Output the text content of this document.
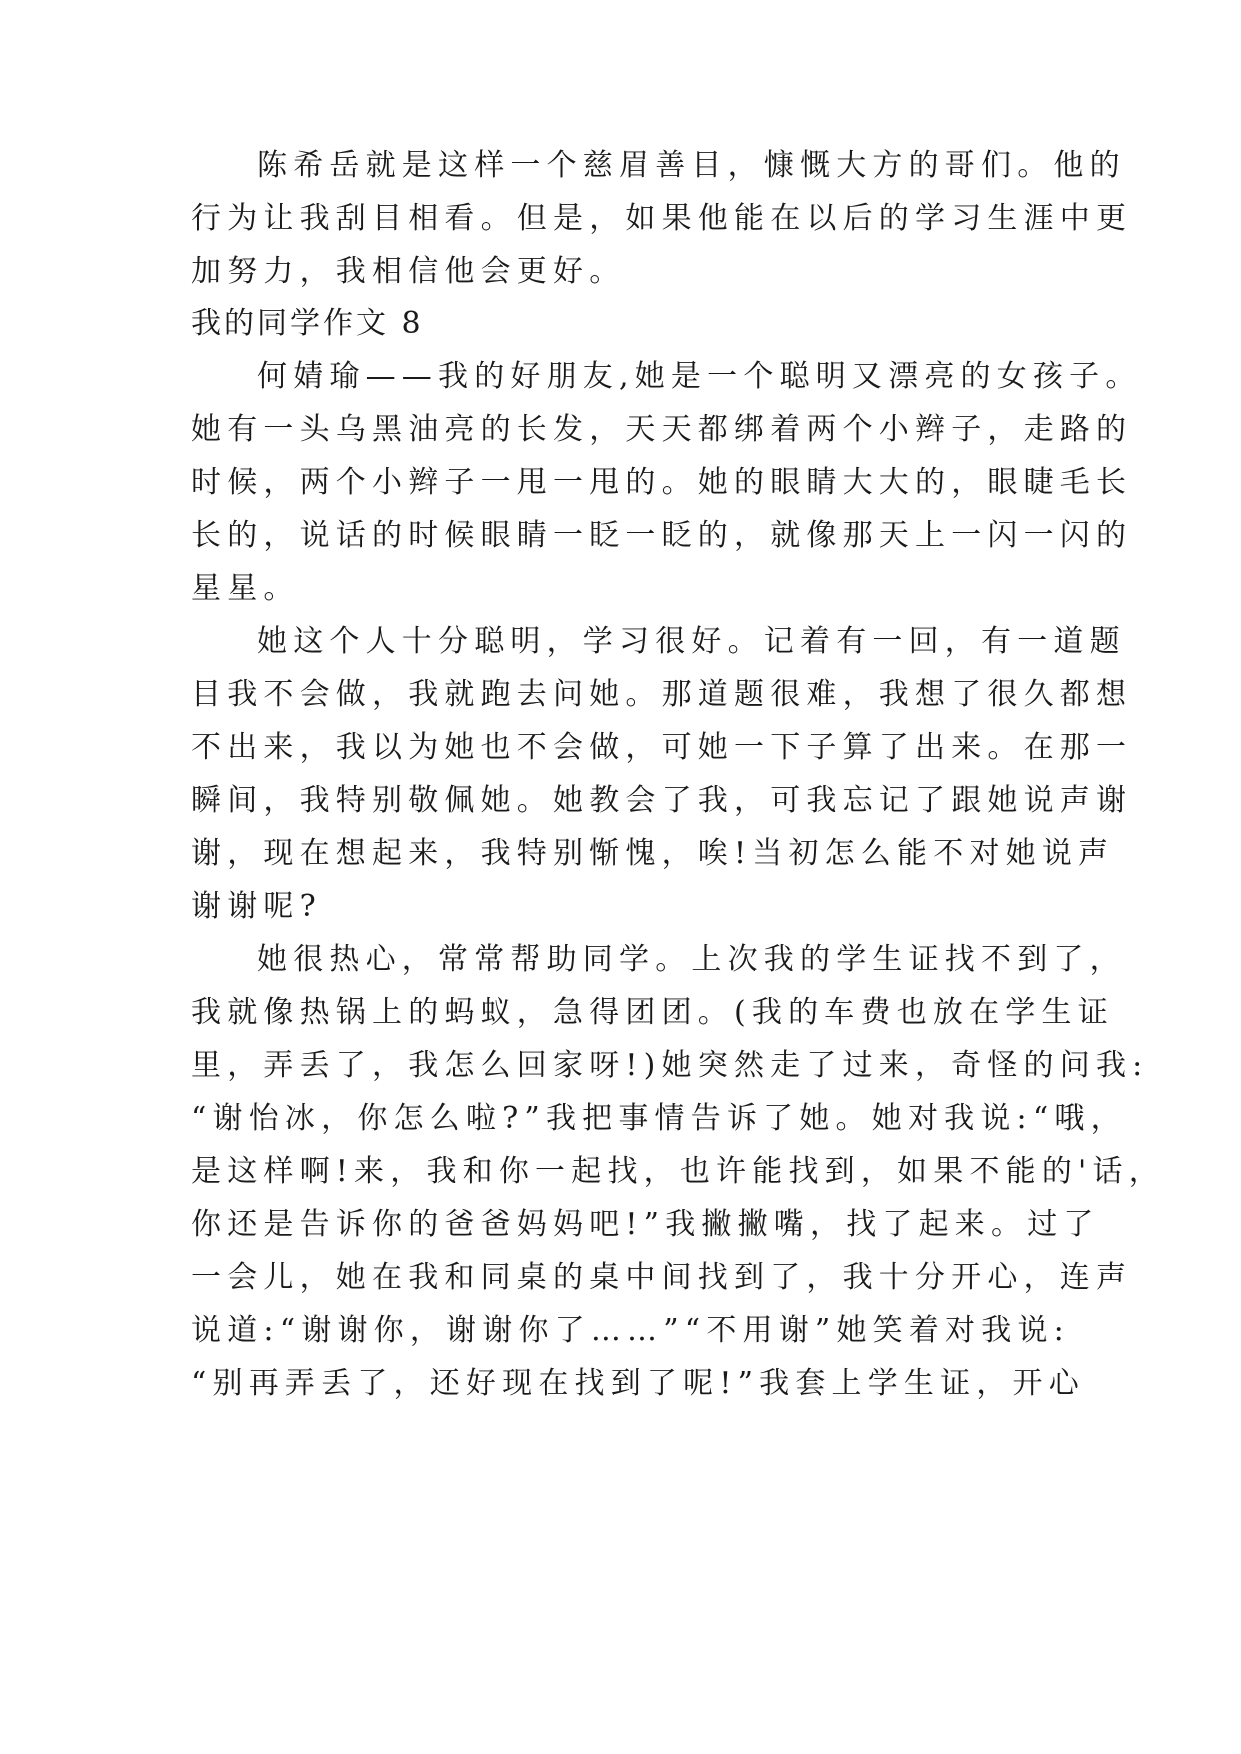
陈希岳就是这样一个慈眉善目，慷慨大方的哥们。他的
行为让我刮目相看。但是，如果他能在以后的学习生涯中更
加努力，我相信他会更好。
我的同学作文 8
何婧瑜——我的好朋友,她是一个聪明又漂亮的女孩子。
她有一头乌黑油亮的长发，天天都绑着两个小辫子，走路的
时候，两个小辫子一甩一甩的。她的眼睛大大的，眼睫毛长
长的，说话的时候眼睛一眨一眨的，就像那天上一闪一闪的
星星。
她这个人十分聪明，学习很好。记着有一回，有一道题
目我不会做，我就跑去问她。那道题很难，我想了很久都想
不出来，我以为她也不会做，可她一下子算了出来。在那一
瞬间，我特别敬佩她。她教会了我，可我忘记了跟她说声谢
谢，现在想起来，我特别惭愧，唉!当初怎么能不对她说声
谢谢呢?
她很热心，常常帮助同学。上次我的学生证找不到了，
我就像热锅上的蚂蚁，急得团团。(我的车费也放在学生证
里，弄丢了，我怎么回家呀!)她突然走了过来，奇怪的问我:
“谢怡冰，你怎么啦?”我把事情告诉了她。她对我说:“哦，
是这样啊!来，我和你一起找，也许能找到，如果不能的'话，
你还是告诉你的爸爸妈妈吧!”我撇撇嘴，找了起来。过了
一会儿，她在我和同桌的桌中间找到了，我十分开心，连声
说道:“谢谢你，谢谢你了……”“不用谢”她笑着对我说:
“别再弄丢了，还好现在找到了呢!”我套上学生证，开心
